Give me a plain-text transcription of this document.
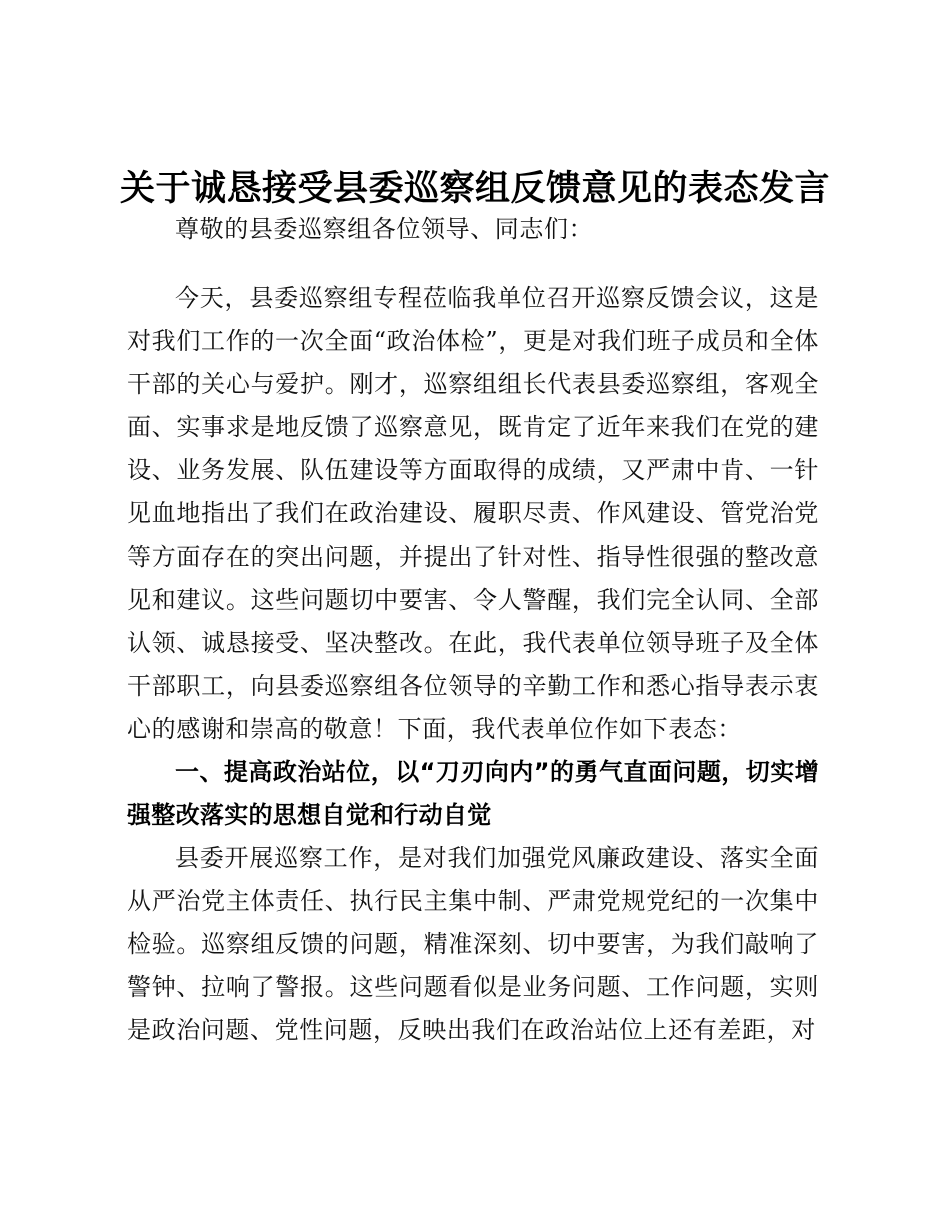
关于诚恳接受县委巡察组反馈意见的表态发言

尊敬的县委巡察组各位领导、同志们：

今天，县委巡察组专程莅临我单位召开巡察反馈会议，这是对我们工作的一次全面“政治体检”，更是对我们班子成员和全体干部的关心与爱护。刚才，巡察组组长代表县委巡察组，客观全面、实事求是地反馈了巡察意见，既肯定了近年来我们在党的建设、业务发展、队伍建设等方面取得的成绩，又严肃中肯、一针见血地指出了我们在政治建设、履职尽责、作风建设、管党治党等方面存在的突出问题，并提出了针对性、指导性很强的整改意见和建议。这些问题切中要害、令人警醒，我们完全认同、全部认领、诚恳接受、坚决整改。在此，我代表单位领导班子及全体干部职工，向县委巡察组各位领导的辛勤工作和悉心指导表示衷心的感谢和崇高的敬意！下面，我代表单位作如下表态：

一、提高政治站位，以“刀刃向内”的勇气直面问题，切实增强整改落实的思想自觉和行动自觉

县委开展巡察工作，是对我们加强党风廉政建设、落实全面从严治党主体责任、执行民主集中制、严肃党规党纪的一次集中检验。巡察组反馈的问题，精准深刻、切中要害，为我们敲响了警钟、拉响了警报。这些问题看似是业务问题、工作问题，实则是政治问题、党性问题，反映出我们在政治站位上还有差距，对
